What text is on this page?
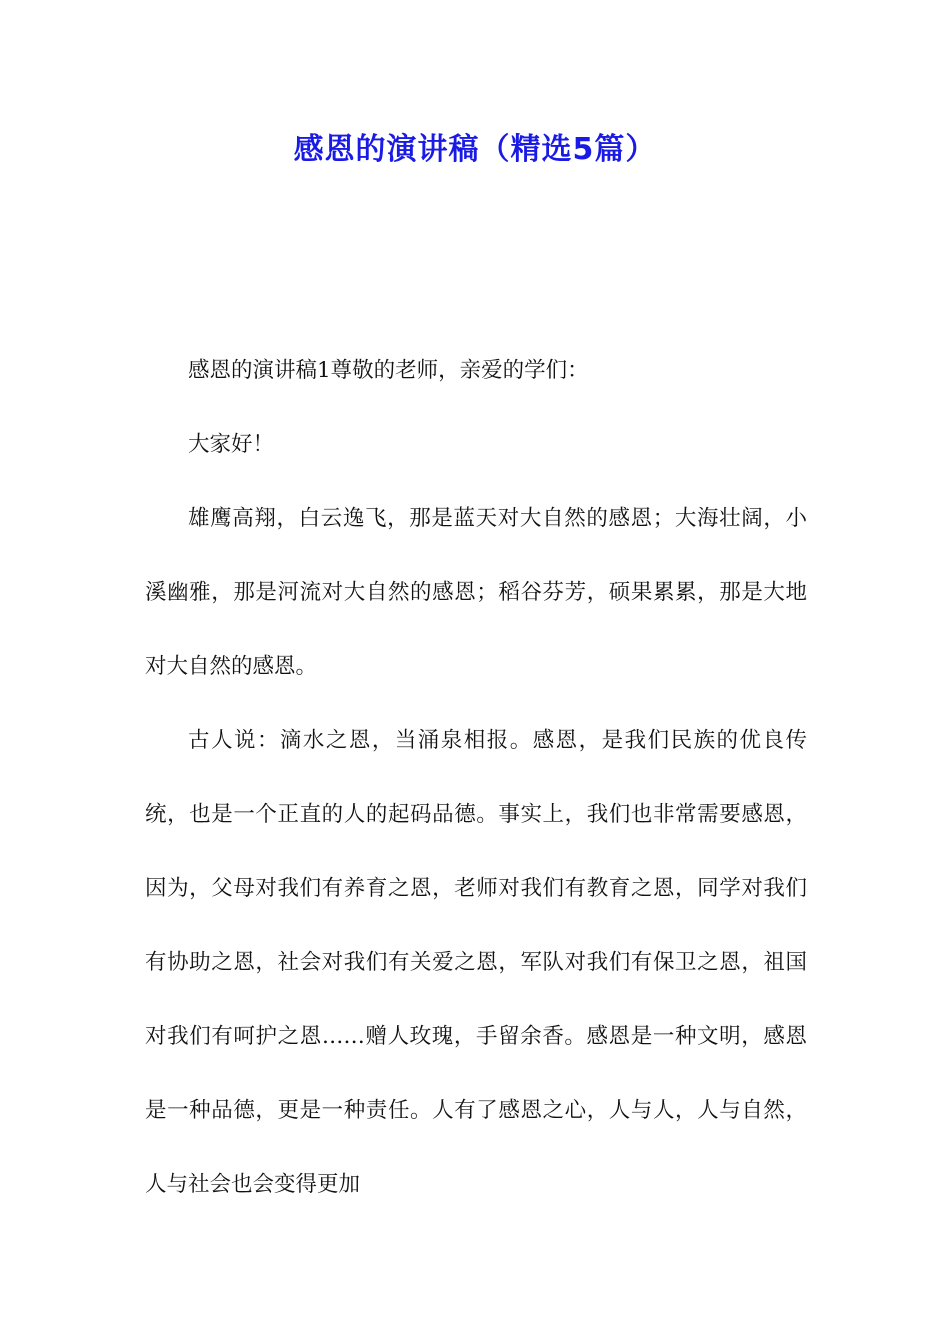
感恩的演讲稿（精选5篇）

感恩的演讲稿1尊敬的老师，亲爱的学们：

大家好！

雄鹰高翔，白云逸飞，那是蓝天对大自然的感恩；大海壮阔，小溪幽雅，那是河流对大自然的感恩；稻谷芬芳，硕果累累，那是大地对大自然的感恩。

古人说：滴水之恩，当涌泉相报。感恩，是我们民族的优良传统，也是一个正直的人的起码品德。事实上，我们也非常需要感恩，因为，父母对我们有养育之恩，老师对我们有教育之恩，同学对我们有协助之恩，社会对我们有关爱之恩，军队对我们有保卫之恩，祖国对我们有呵护之恩……赠人玫瑰，手留余香。感恩是一种文明，感恩是一种品德，更是一种责任。人有了感恩之心，人与人，人与自然，人与社会也会变得更加
